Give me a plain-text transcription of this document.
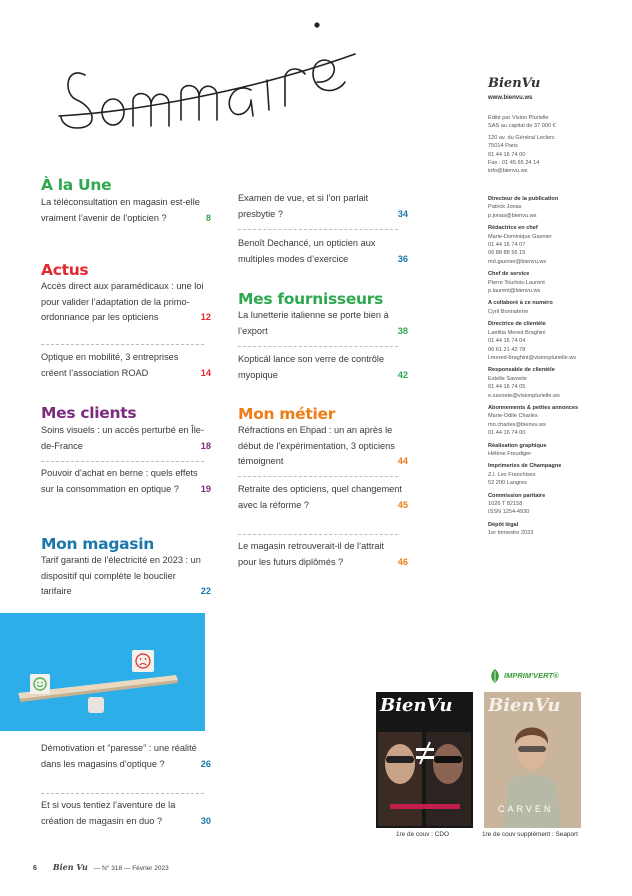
Sommaire
À la Une
La téléconsultation en magasin est-elle vraiment l’avenir de l’opticien ?	8
Actus
Accès direct aux paramédicaux : une loi pour valider l’adaptation de la primo-ordonnance par les opticiens	12
Optique en mobilité, 3 entreprises créent l’association ROAD	14
Mes clients
Soins visuels : un accès perturbé en Île-de-France	18
Pouvoir d’achat en berne : quels effets sur la consommation en optique ? 19
Mon magasin
Tarif garanti de l’électricité en 2023 : un dispositif qui complète le bouclier tarifaire	22
Démotivation et “paresse” : une réalité dans les magasins d’optique ?	26
Et si vous tentiez l’aventure de la création de magasin en duo ?	30
Examen de vue, et si l’on parlait presbytie ?	34
Benoît Dechancé, un opticien aux multiples modes d’exercice	36
Mes fournisseurs
La lunetterie italienne se porte bien à l’export	38
Kopticál lance son verre de contrôle myopique	42
Mon métier
Réfractions en Ehpad : un an après le début de l’expérimentation, 3 opticiens témoignent	44
Retraite des opticiens, quel changement avec la réforme ?	45
Le magasin retrouverait-il de l’attrait pour les futurs diplômés ?	46
BienVu
www.bienvu.ws
Edité par Vision Plurielle
SAS au capital de 37 000 €
120 av. du Général Leclerc
75014 Paris
01 44 16 74 00
Fax : 01 45 65 24 14
info@bienvu.ws
Directeur de la publication
Patrick Jonas
p.jonas@bienvu.ws
Rédactrice en chef
Marie-Dominique Gasnier
01 44 16 74 07
06 88 88 56 15
md.gasnier@bienvu.ws
Chef de service
Pierre Tourtois-Laurent
p.laurent@bienvu.ws
A collaboré à ce numéro
Cyril Bonnaterre
Directrice de clientèle
Laetitia Mered Braghini
01 44 16 74 04
06 61 21 42 78
l.mered-braghini@visionplurielle.ws
Responsable de clientèle
Estelle Savoete
01 44 16 74 05
e.savoete@visionplurielle.ws
Abonnements & petites annonces
Marie-Odile Charles
mo.charles@bienvu.ws
01 44 16 74 00
Réalisation graphique
Hélène Freudiger
Imprimeries de Champagne
Z.I. Les Franchises
52 200 Langres
Commission paritaire
1026 T 82158
ISSN 1254-4930
Dépôt légal
1er trimestre 2023
IMPRIM’VERT®
BienVu
1re de couv : CDO
BienVu
CARVEN
1re de couv supplément : Seaport
6 Bien Vu — N° 318 — Février 2023
